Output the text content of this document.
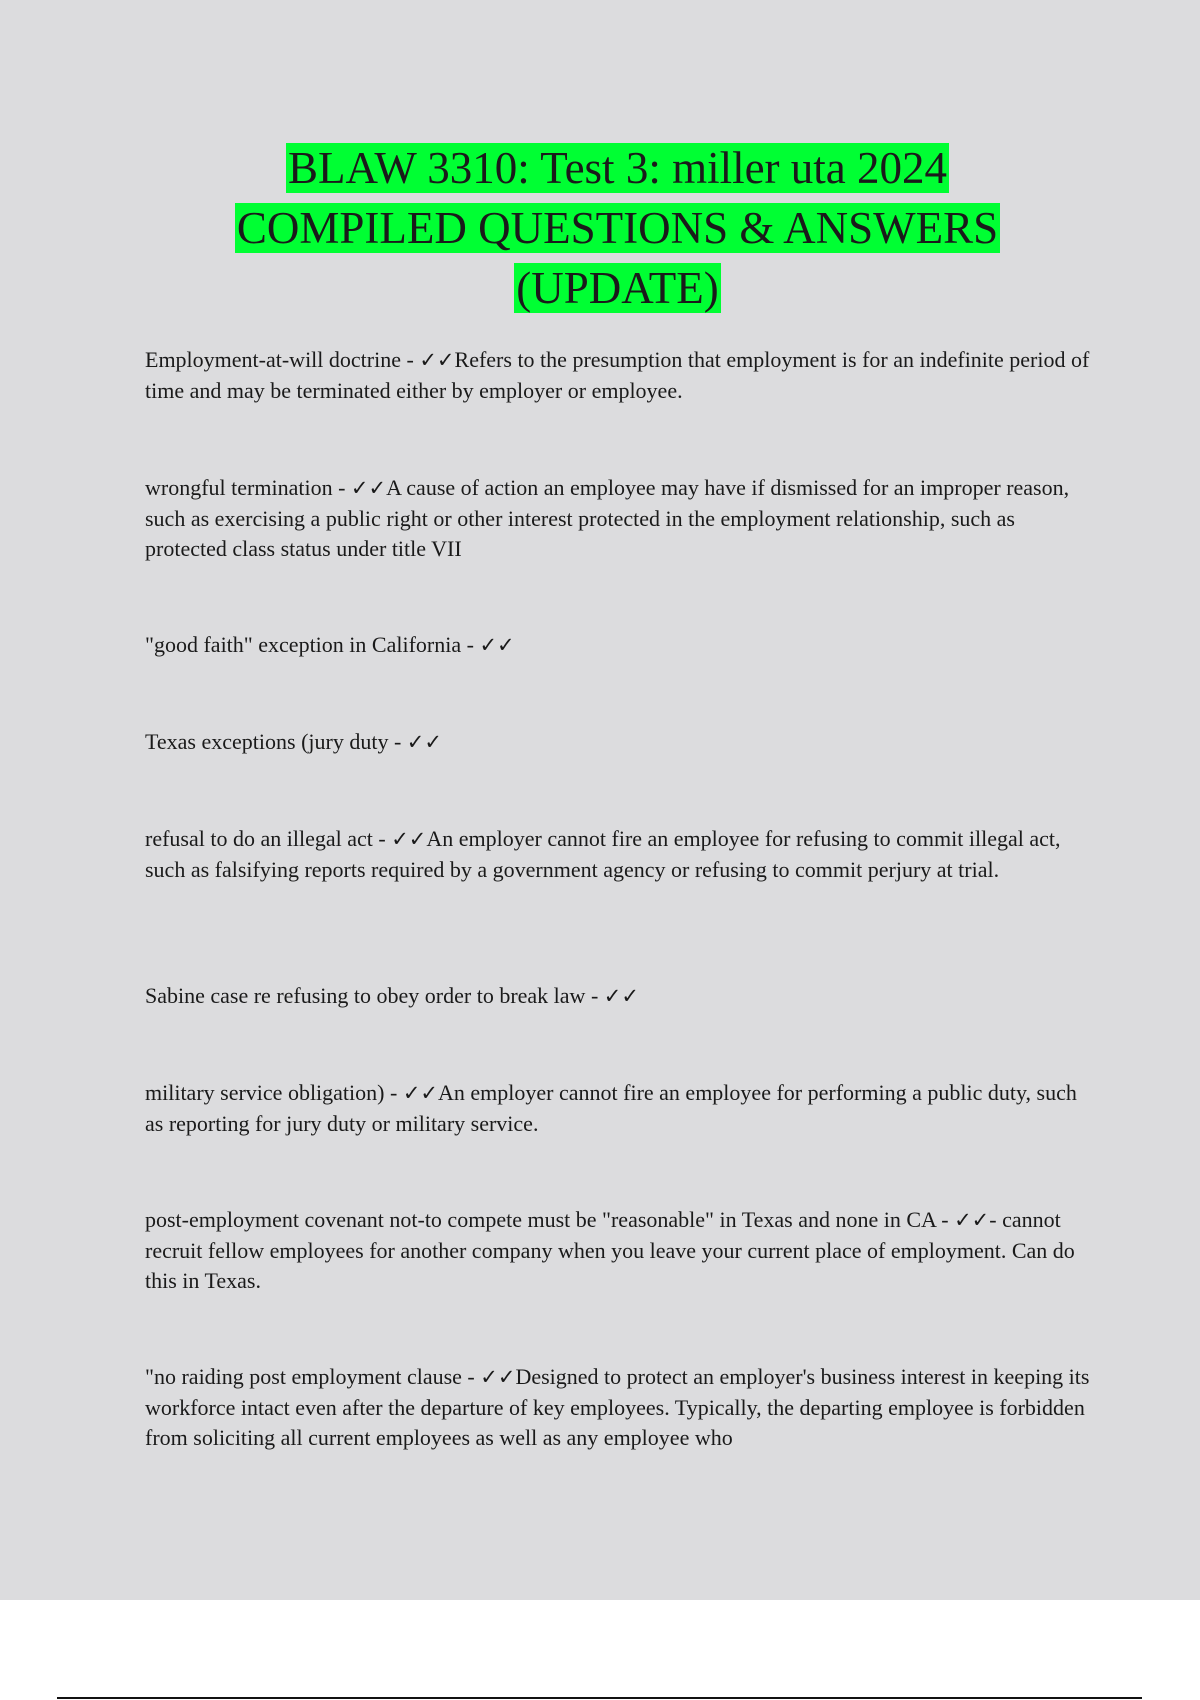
BLAW 3310: Test 3: miller uta 2024
COMPILED QUESTIONS & ANSWERS
(UPDATE)

Employment-at-will doctrine - ✓✓Refers to the presumption that employment is for an indefinite period of time and may be terminated either by employer or employee.

wrongful termination - ✓✓A cause of action an employee may have if dismissed for an improper reason, such as exercising a public right or other interest protected in the employment relationship, such as protected class status under title VII

"good faith" exception in California - ✓✓

Texas exceptions (jury duty - ✓✓

refusal to do an illegal act - ✓✓An employer cannot fire an employee for refusing to commit illegal act, such as falsifying reports required by a government agency or refusing to commit perjury at trial.

Sabine case re refusing to obey order to break law - ✓✓

military service obligation) - ✓✓An employer cannot fire an employee for performing a public duty, such as reporting for jury duty or military service.

post-employment covenant not-to compete must be "reasonable" in Texas and none in CA - ✓✓- cannot recruit fellow employees for another company when you leave your current place of employment. Can do this in Texas.

"no raiding post employment clause - ✓✓Designed to protect an employer's business interest in keeping its workforce intact even after the departure of key employees. Typically, the departing employee is forbidden from soliciting all current employees as well as any employee who
